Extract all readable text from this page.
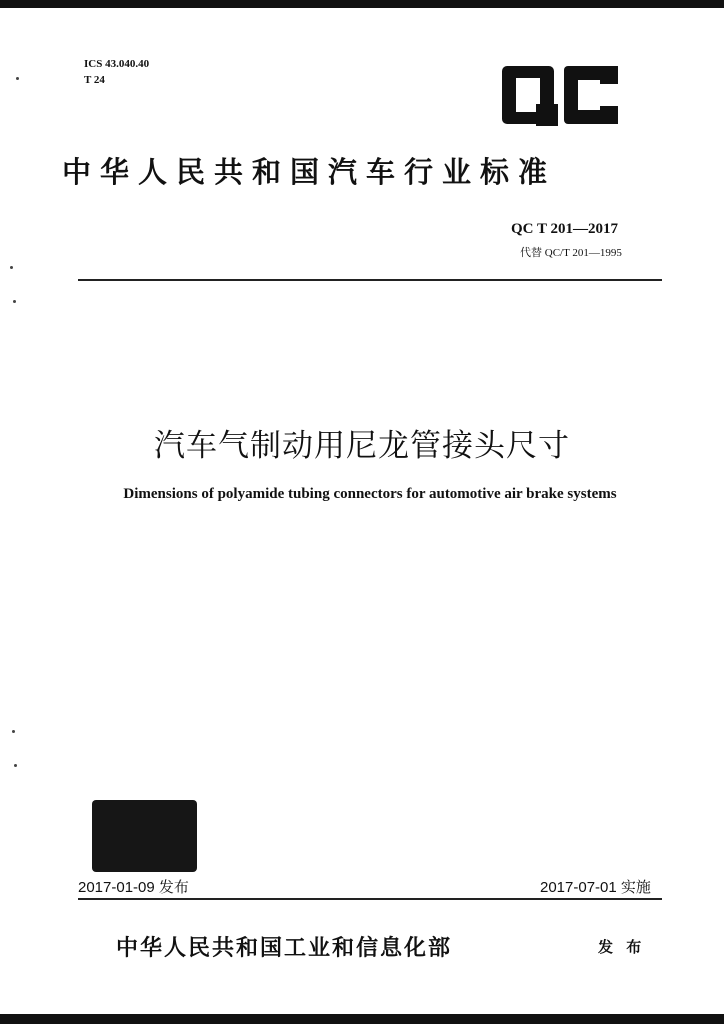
ICS 43.040.40
T 24
中华人民共和国汽车行业标准
QC T 201—2017
代替 QC/T 201—1995
汽车气制动用尼龙管接头尺寸
Dimensions of polyamide tubing connectors for automotive air brake systems
2017-01-09 发布	2017-07-01 实施
中华人民共和国工业和信息化部	发 布
